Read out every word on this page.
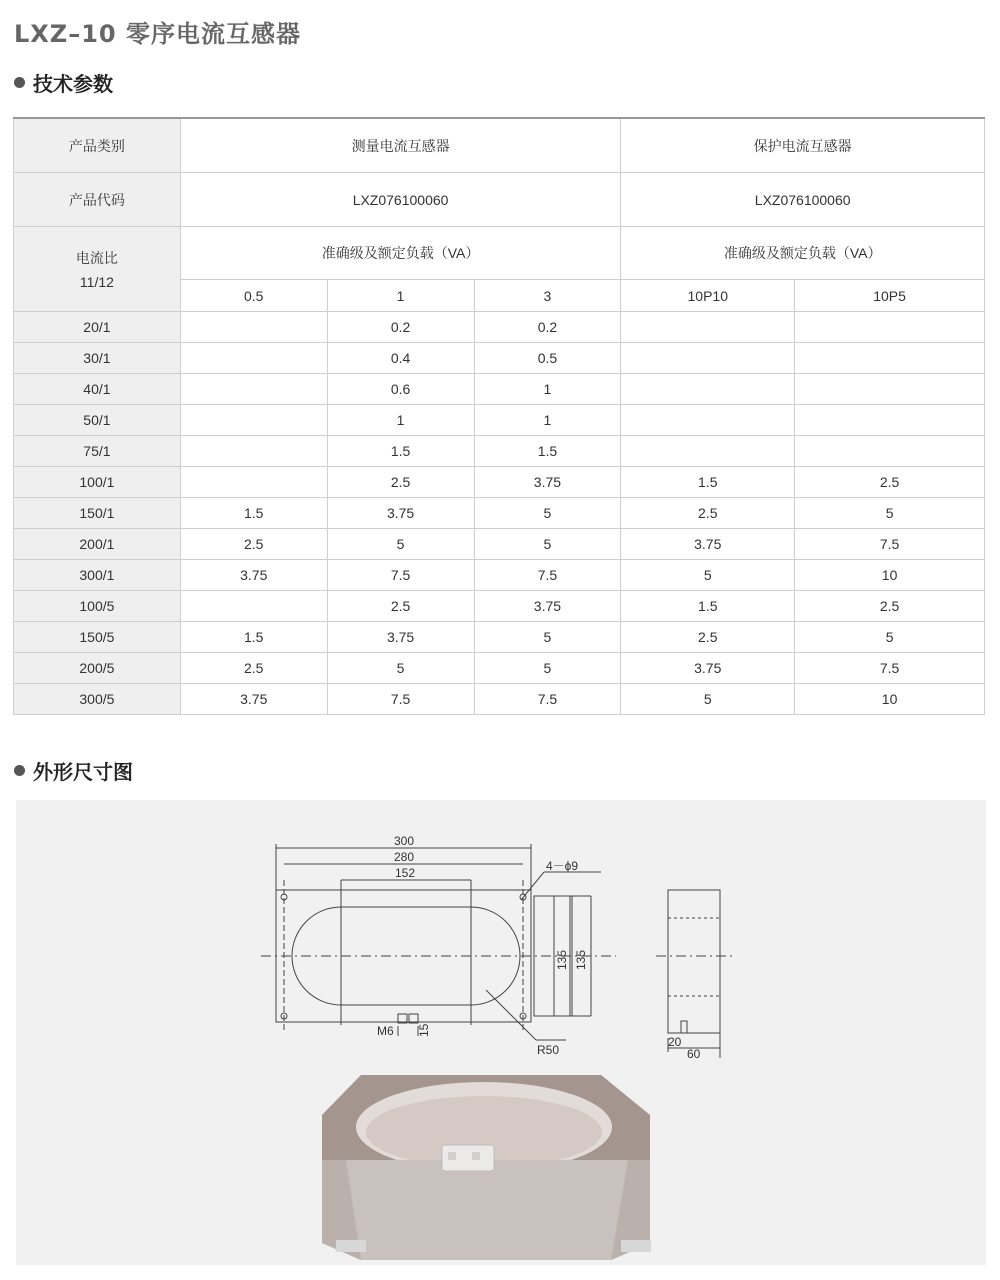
LXZ–10 零序电流互感器
技术参数
产品类别	测量电流互感器			保护电流互感器	
产品代码	LXZ076100060			LXZ076100060	

电流比
11/12	准确级及额定负载（VA）			准确级及额定负载（VA）	
	0.5	1	3	10P10	10P5
20/1		0.2	0.2		
30/1		0.4	0.5		
40/1		0.6	1		
50/1		1	1		
75/1		1.5	1.5		
100/1		2.5	3.75	1.5	2.5
150/1	1.5	3.75	5	2.5	5
200/1	2.5	5	5	3.75	7.5
300/1	3.75	7.5	7.5	5	10
100/5		2.5	3.75	1.5	2.5
150/5	1.5	3.75	5	2.5	5
200/5	2.5	5	5	3.75	7.5
300/5	3.75	7.5	7.5	5	10
外形尺寸图
300
280
152	4－ϕ9
135 135
M6 15
R50
20
60
